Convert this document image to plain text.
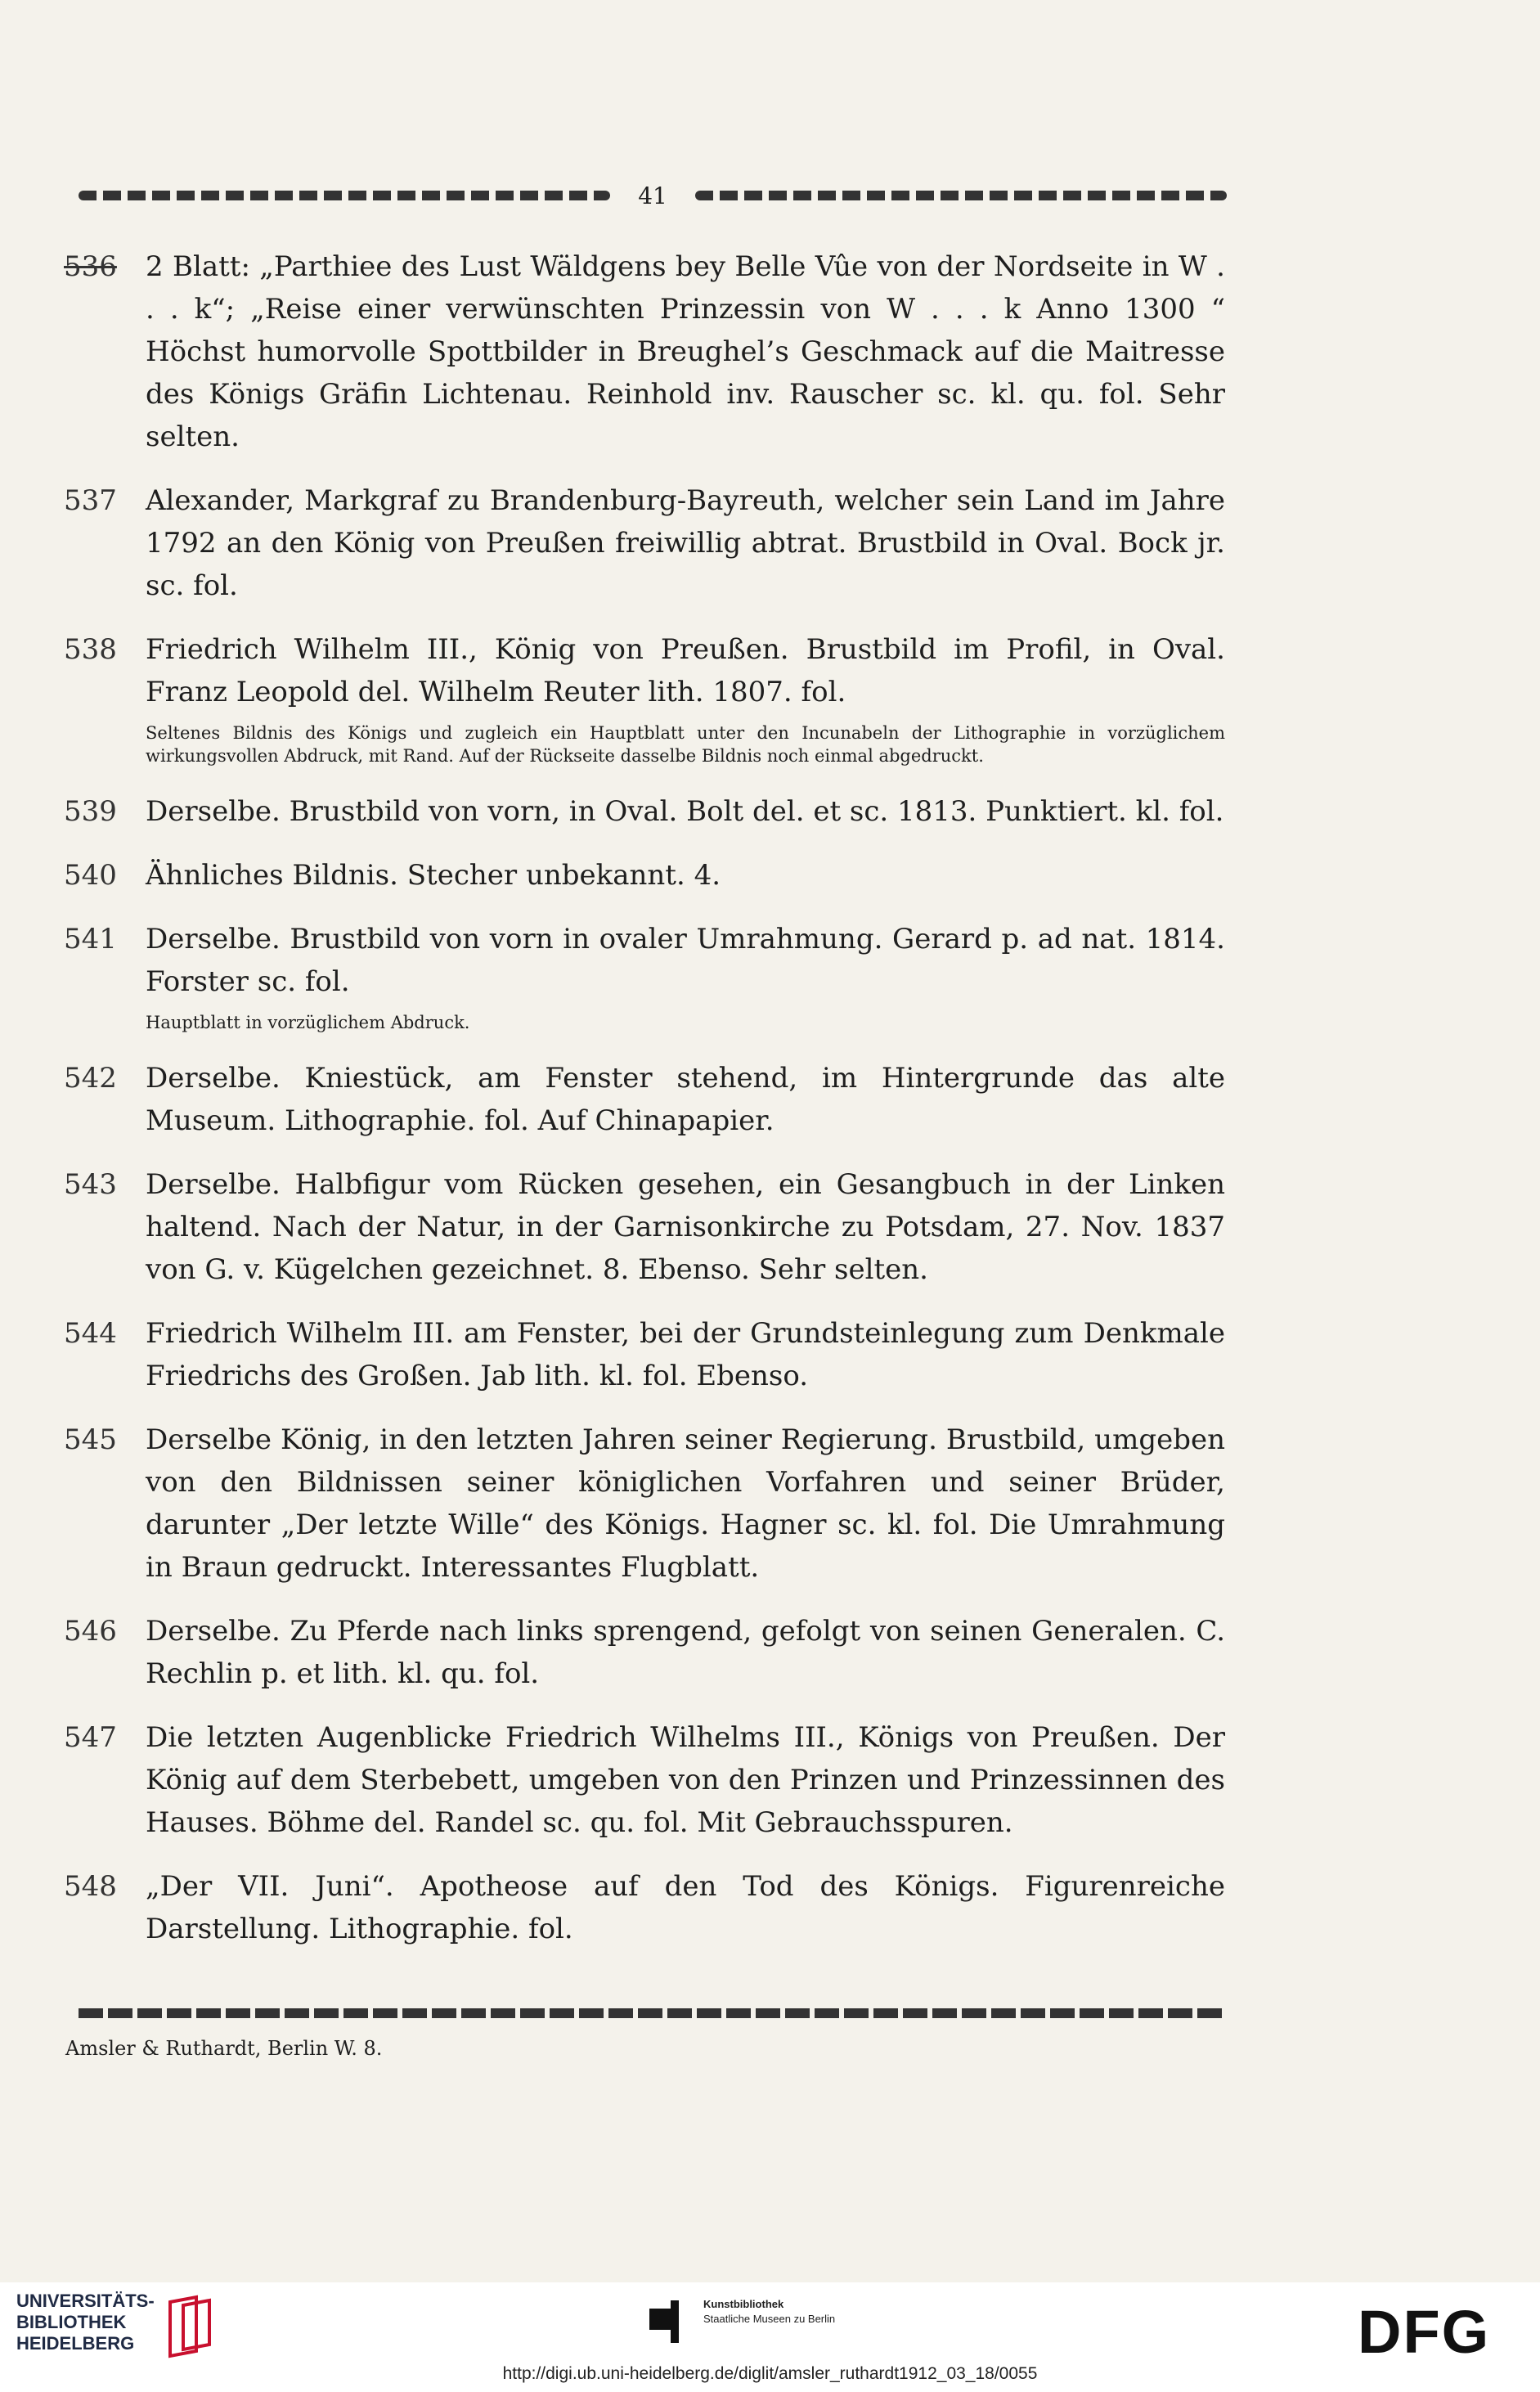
41
536	2 Blatt: „Parthiee des Lust Wäldgens bey Belle Vûe von der Nordseite in W . . . k“; „Reise einer verwünschten Prinzessin von W . . . k Anno 1300 “ Höchst humorvolle Spottbilder in Breughel’s Geschmack auf die Maitresse des Königs Gräfin Lichtenau. Reinhold inv. Rauscher sc. kl. qu. fol. Sehr selten.
537	Alexander, Markgraf zu Brandenburg-Bayreuth, welcher sein Land im Jahre 1792 an den König von Preußen freiwillig abtrat. Brustbild in Oval. Bock jr. sc. fol.
538	Friedrich Wilhelm III., König von Preußen. Brustbild im Profil, in Oval. Franz Leopold del. Wilhelm Reuter lith. 1807. fol.
Seltenes Bildnis des Königs und zugleich ein Hauptblatt unter den Incunabeln der Lithographie in vorzüglichem wirkungsvollen Abdruck, mit Rand. Auf der Rückseite dasselbe Bildnis noch einmal abgedruckt.
539	Derselbe. Brustbild von vorn, in Oval. Bolt del. et sc. 1813. Punktiert. kl. fol.
540	Ähnliches Bildnis. Stecher unbekannt. 4.
541	Derselbe. Brustbild von vorn in ovaler Umrahmung. Gerard p. ad nat. 1814. Forster sc. fol.
Hauptblatt in vorzüglichem Abdruck.
542	Derselbe. Kniestück, am Fenster stehend, im Hintergrunde das alte Museum. Lithographie. fol. Auf Chinapapier.
543	Derselbe. Halbfigur vom Rücken gesehen, ein Gesangbuch in der Linken haltend. Nach der Natur, in der Garnisonkirche zu Potsdam, 27. Nov. 1837 von G. v. Kügelchen gezeichnet. 8. Ebenso. Sehr selten.
544	Friedrich Wilhelm III. am Fenster, bei der Grundsteinlegung zum Denkmale Friedrichs des Großen. Jab lith. kl. fol. Ebenso.
545	Derselbe König, in den letzten Jahren seiner Regierung. Brustbild, umgeben von den Bildnissen seiner königlichen Vorfahren und seiner Brüder, darunter „Der letzte Wille“ des Königs. Hagner sc. kl. fol. Die Umrahmung in Braun gedruckt. Interessantes Flugblatt.
546	Derselbe. Zu Pferde nach links sprengend, gefolgt von seinen Generalen. C. Rechlin p. et lith. kl. qu. fol.
547	Die letzten Augenblicke Friedrich Wilhelms III., Königs von Preußen. Der König auf dem Sterbebett, umgeben von den Prinzen und Prinzessinnen des Hauses. Böhme del. Randel sc. qu. fol. Mit Gebrauchsspuren.
548	„Der VII. Juni“. Apotheose auf den Tod des Königs. Figurenreiche Darstellung. Lithographie. fol.
Amsler & Ruthardt, Berlin W. 8.
UNIVERSITÄTS-
BIBLIOTHEK
HEIDELBERG
Kunstbibliothek
Staatliche Museen zu Berlin	DFG
http://digi.ub.uni-heidelberg.de/diglit/amsler_ruthardt1912_03_18/0055
